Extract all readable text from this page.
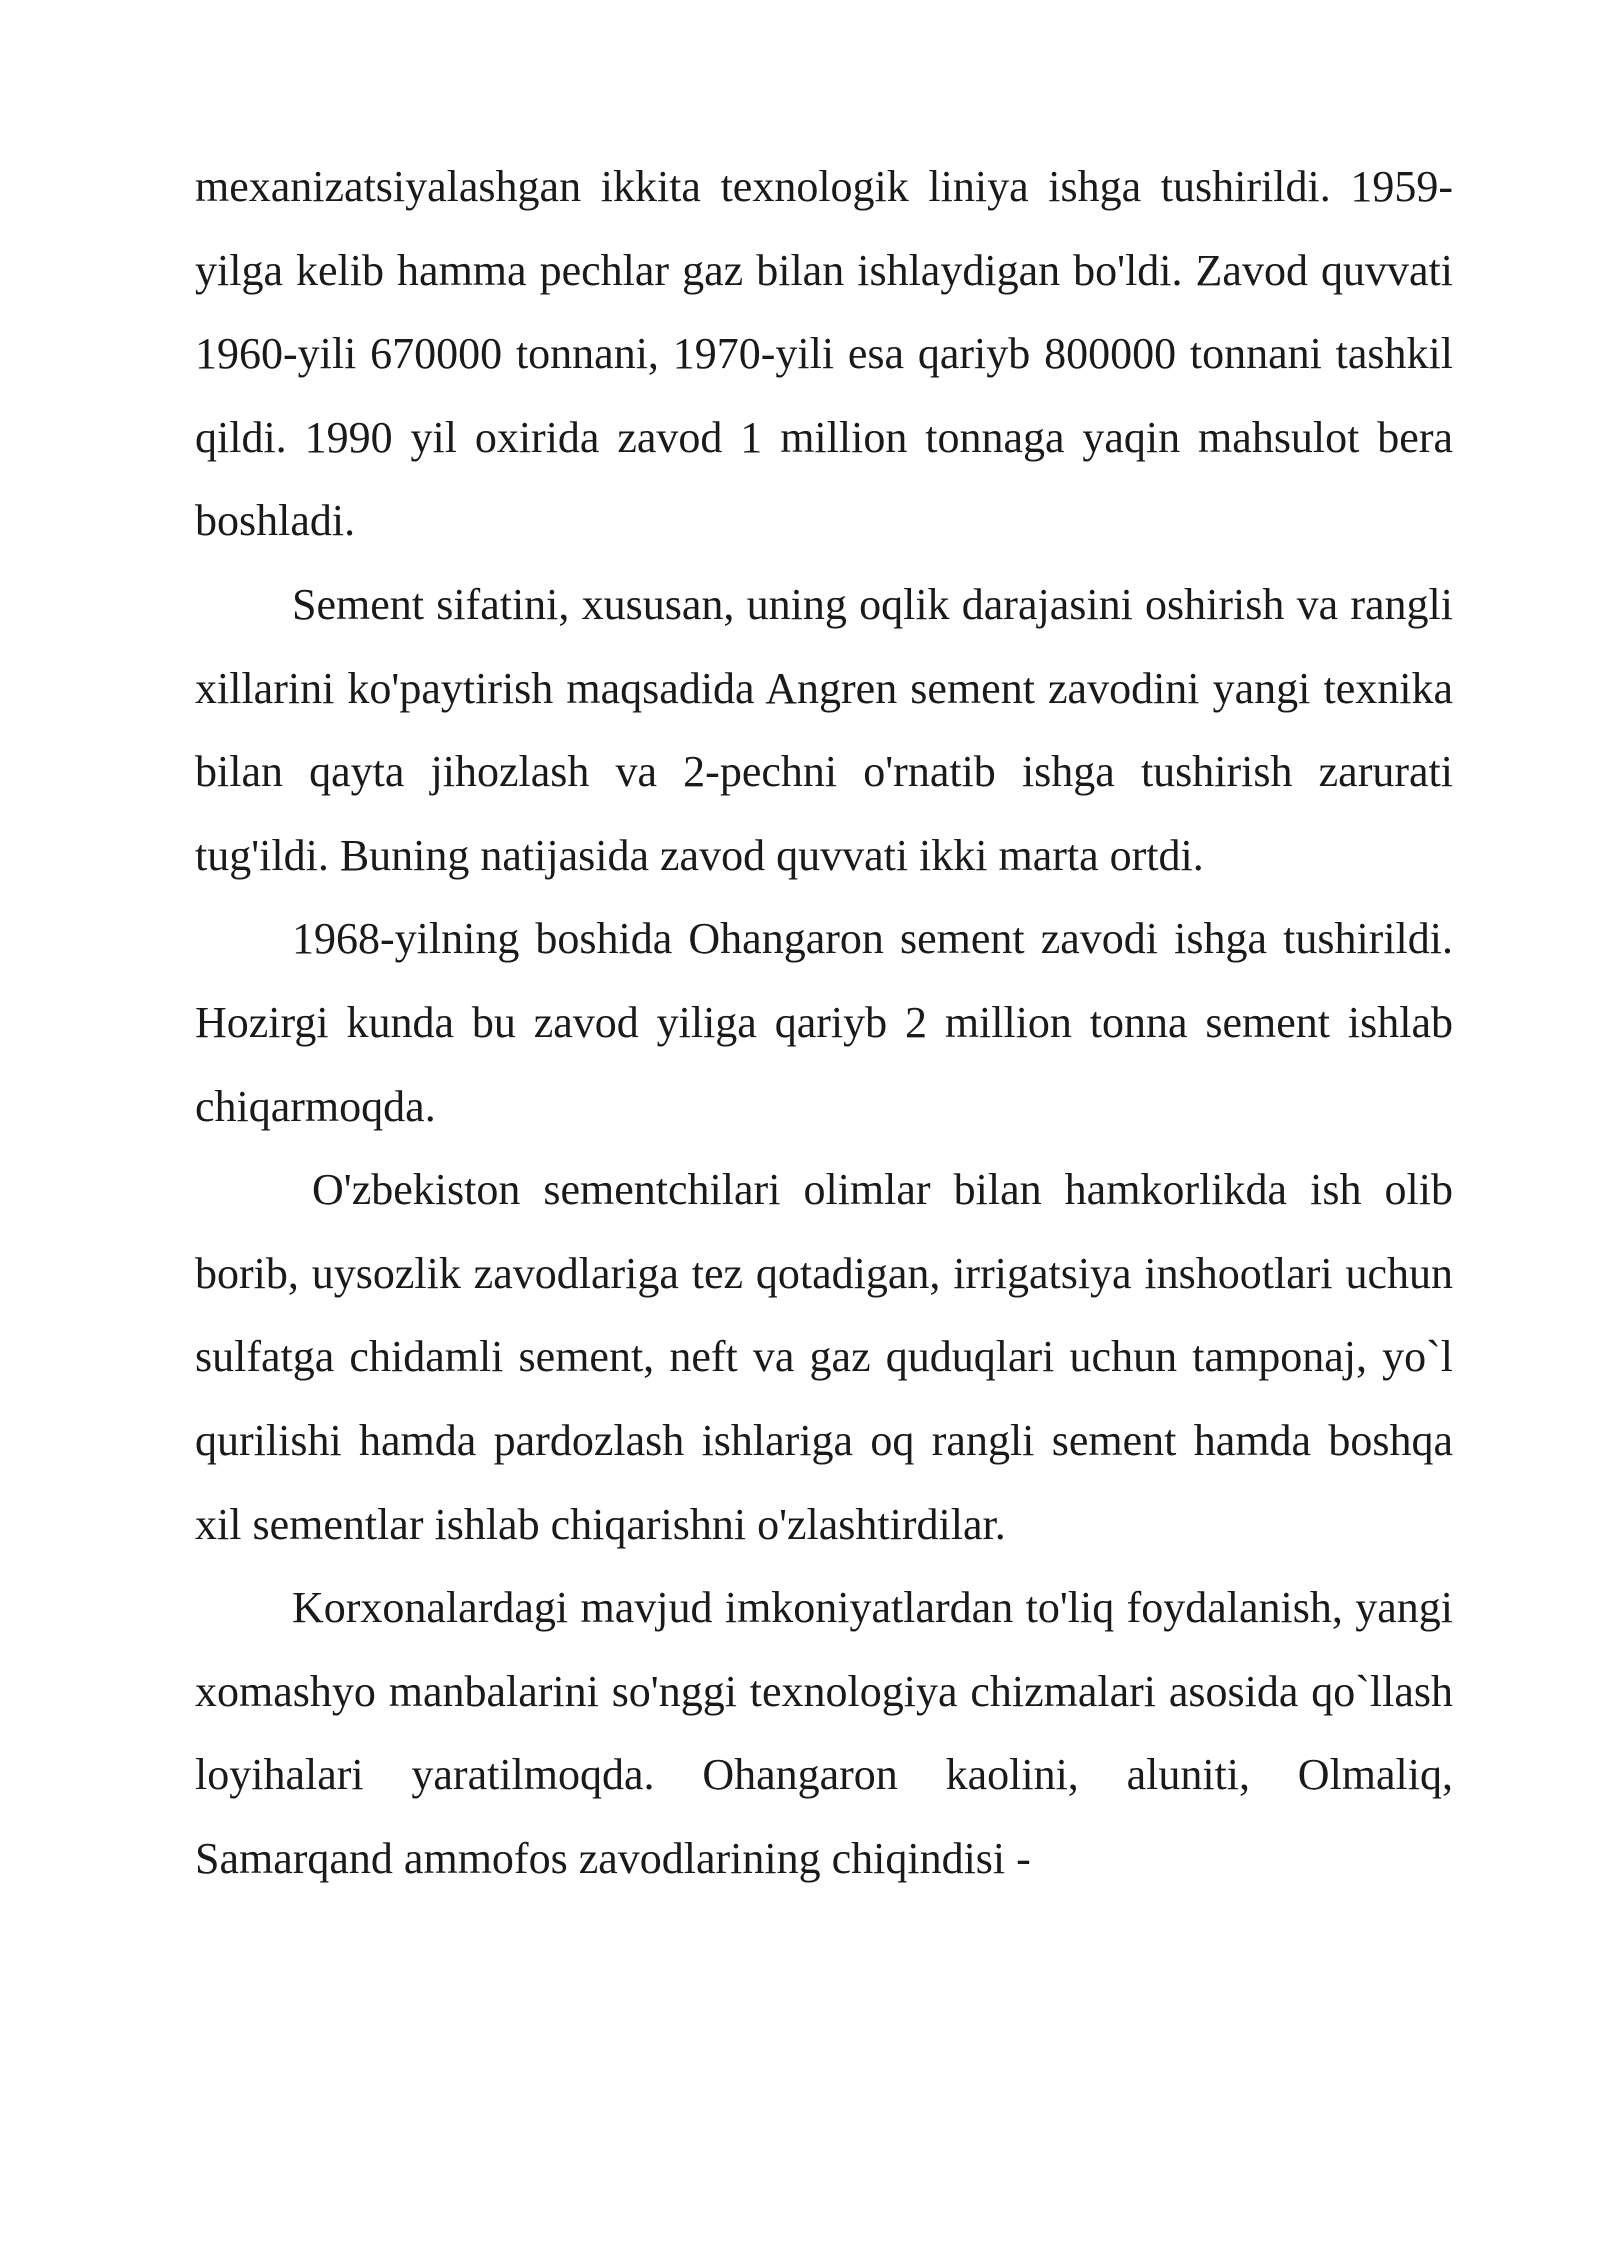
mexanizatsiyalashgan ikkita texnologik liniya ishga tushirildi. 1959-yilga kelib hamma pechlar gaz bilan ishlaydigan bo'ldi. Zavod quvvati 1960-yili 670000 tonnani, 1970-yili esa qariyb 800000 tonnani tashkil qildi. 1990 yil oxirida zavod 1 million tonnaga yaqin mahsulot bera boshladi.

Sement sifatini, xususan, uning oqlik darajasini oshirish va rangli xillarini ko'paytirish maqsadida Angren sement zavodini yangi texnika bilan qayta jihozlash va 2-pechni o'rnatib ishga tushirish zarurati tug'ildi. Buning natijasida zavod quvvati ikki marta ortdi.

1968-yilning boshida Ohangaron sement zavodi ishga tushirildi. Hozirgi kunda bu zavod yiliga qariyb 2 million tonna sement ishlab chiqarmoqda.

O'zbekiston sementchilari olimlar bilan hamkorlikda ish olib borib, uysozlik zavodlariga tez qotadigan, irrigatsiya inshootlari uchun sulfatga chidamli sement, neft va gaz quduqlari uchun tamponaj, yo`l qurilishi hamda pardozlash ishlariga oq rangli sement hamda boshqa xil sementlar ishlab chiqarishni o'zlashtirdilar.

Korxonalardagi mavjud imkoniyatlardan to'liq foydalanish, yangi xomashyo manbalarini so'nggi texnologiya chizmalari asosida qo`llash loyihalari yaratilmoqda. Ohangaron kaolini, aluniti, Olmaliq, Samarqand ammofos zavodlarining chiqindisi -
